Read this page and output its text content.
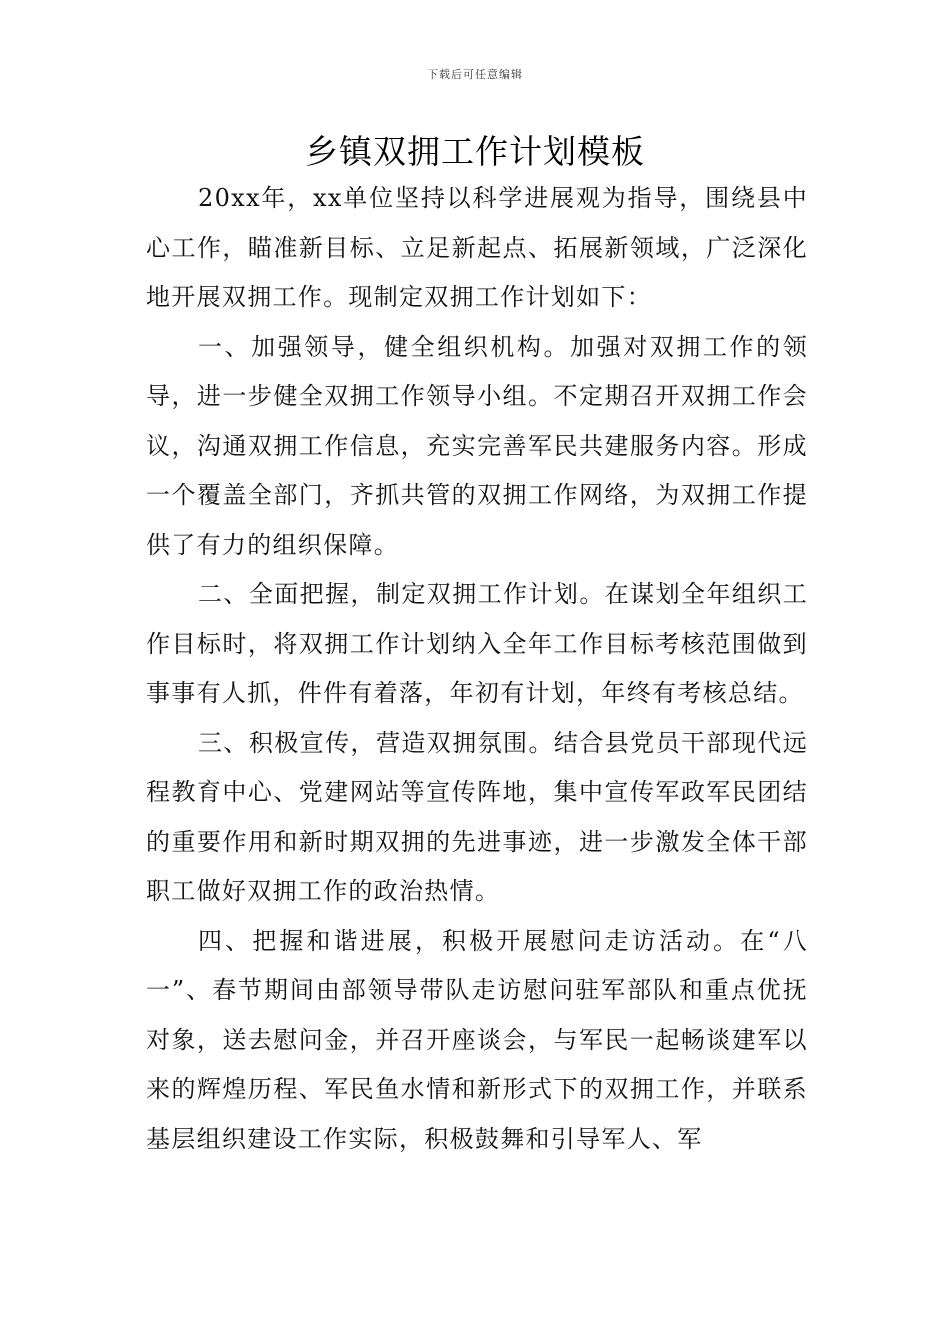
下载后可任意编辑
乡镇双拥工作计划模板

20xx年，xx单位坚持以科学进展观为指导，围绕县中心工作，瞄准新目标、立足新起点、拓展新领域，广泛深化地开展双拥工作。现制定双拥工作计划如下：

一、加强领导，健全组织机构。加强对双拥工作的领导，进一步健全双拥工作领导小组。不定期召开双拥工作会议，沟通双拥工作信息，充实完善军民共建服务内容。形成一个覆盖全部门，齐抓共管的双拥工作网络，为双拥工作提供了有力的组织保障。

二、全面把握，制定双拥工作计划。在谋划全年组织工作目标时，将双拥工作计划纳入全年工作目标考核范围做到事事有人抓，件件有着落，年初有计划，年终有考核总结。

三、积极宣传，营造双拥氛围。结合县党员干部现代远程教育中心、党建网站等宣传阵地，集中宣传军政军民团结的重要作用和新时期双拥的先进事迹，进一步激发全体干部职工做好双拥工作的政治热情。

四、把握和谐进展，积极开展慰问走访活动。在“八一”、春节期间由部领导带队走访慰问驻军部队和重点优抚对象，送去慰问金，并召开座谈会，与军民一起畅谈建军以来的辉煌历程、军民鱼水情和新形式下的双拥工作，并联系基层组织建设工作实际，积极鼓舞和引导军人、军
